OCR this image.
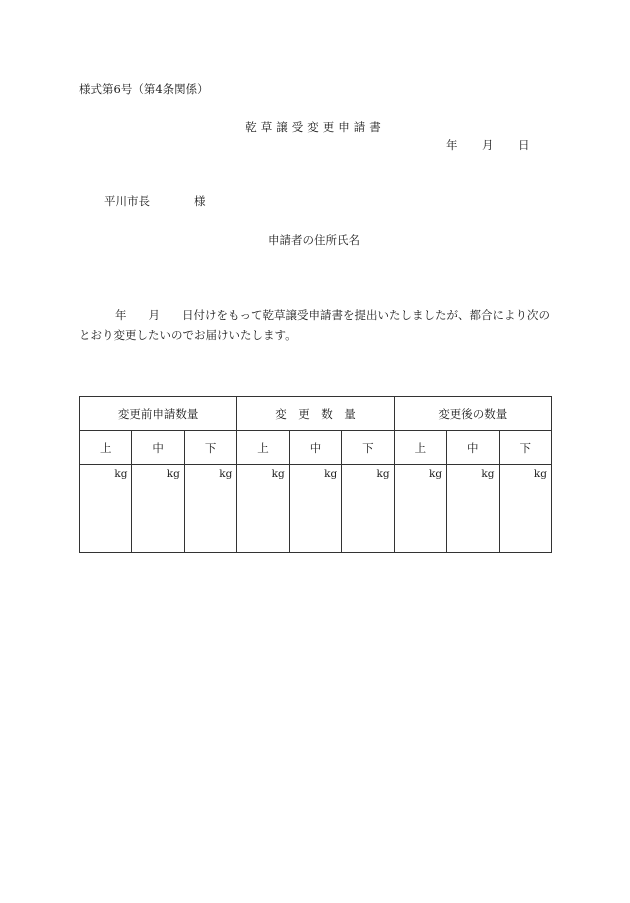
様式第6号（第4条関係）
乾草譲受変更申請書
年 月 日
平川市長	様
申請者の住所氏名
年 月 日付けをもって乾草譲受申請書を提出いたしましたが、都合により次のとおり変更したいのでお届けいたします。
変更前申請数量			変　更　数　量			変更後の数量		
上	中	下	上	中	下	上	中	下
kg	kg	kg	kg	kg	kg	kg	kg	kg
